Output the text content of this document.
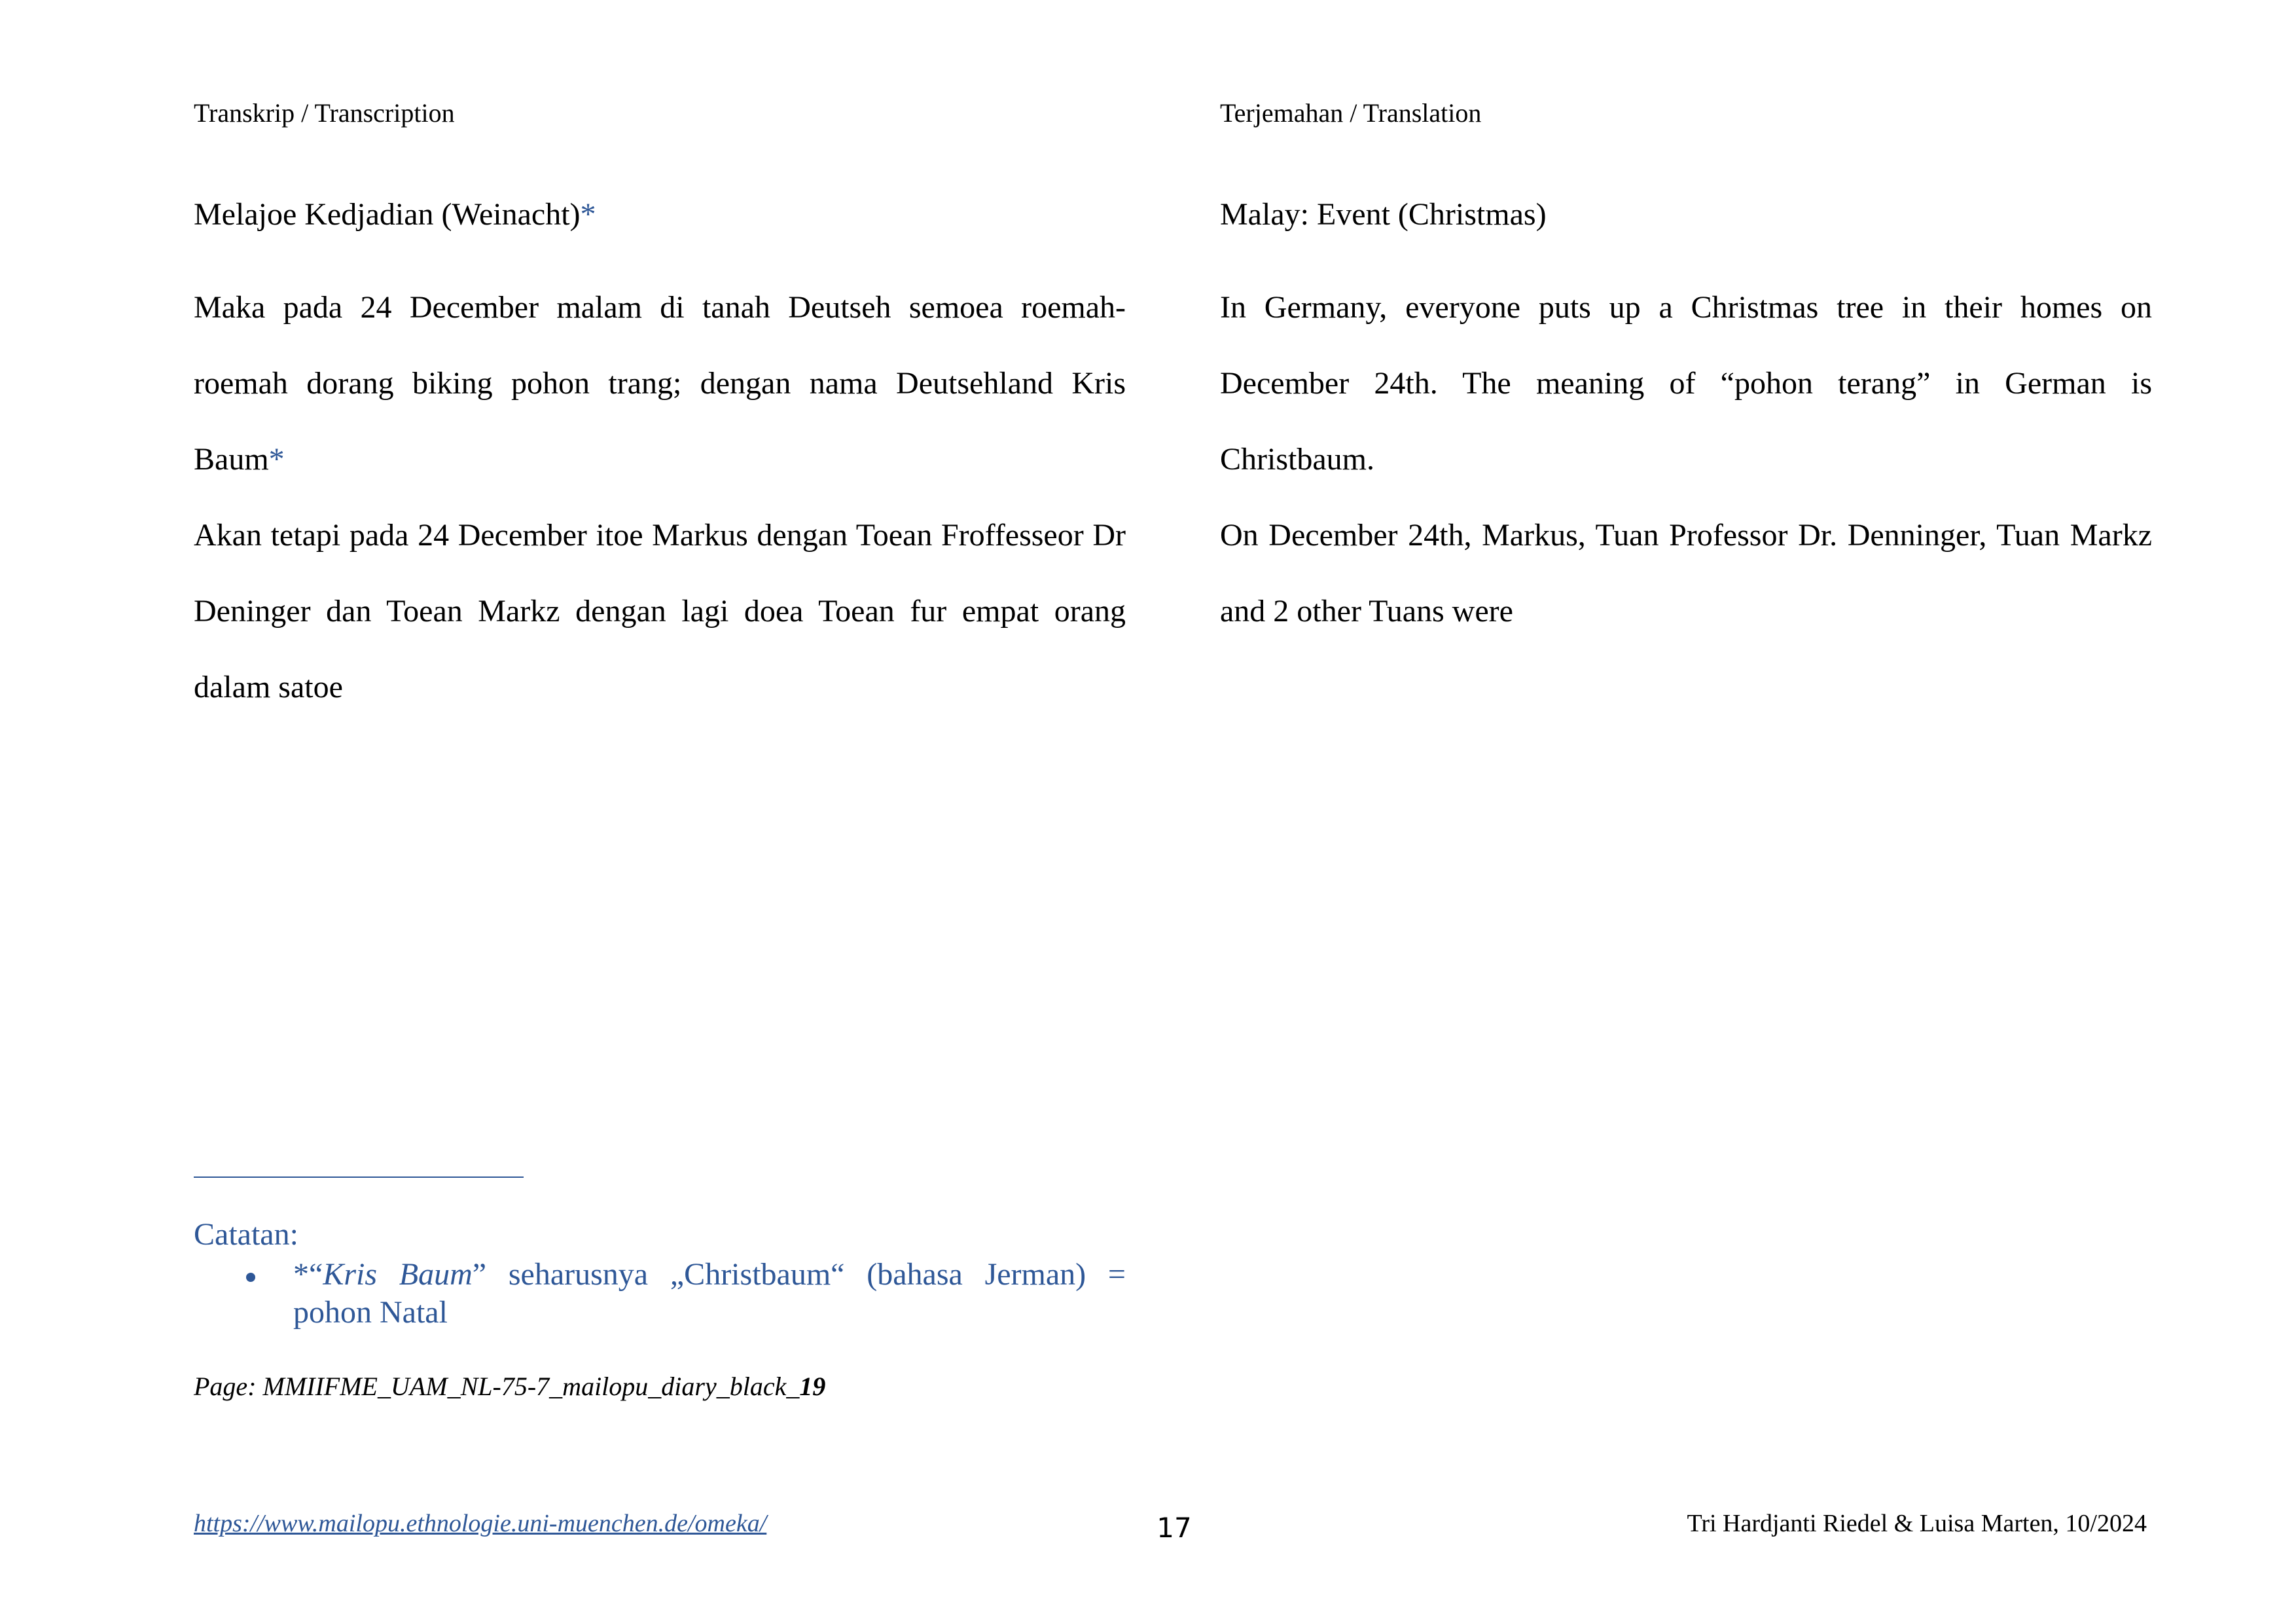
Transkrip / Transcription	Terjemahan / Translation
Melajoe Kedjadian (Weinacht)*

Maka pada 24 December malam di tanah Deutseh semoea roemah-roemah dorang biking pohon trang; dengan nama Deutsehland Kris Baum*

Akan tetapi pada 24 December itoe Markus dengan Toean Froffesseor Dr Deninger dan Toean Markz dengan lagi doea Toean fur empat orang dalam satoe

Malay: Event (Christmas)

In Germany, everyone puts up a Christmas tree in their homes on December 24th. The meaning of “pohon terang” in German is Christbaum.

On December 24th, Markus, Tuan Professor Dr. Denninger, Tuan Markz and 2 other Tuans were

Catatan:
*“Kris Baum” seharusnya „Christbaum“ (bahasa Jerman) = pohon Natal
Page: MMIIFME_UAM_NL-75-7_mailopu_diary_black_19
https://www.mailopu.ethnologie.uni-muenchen.de/omeka/	17	Tri Hardjanti Riedel & Luisa Marten, 10/2024
